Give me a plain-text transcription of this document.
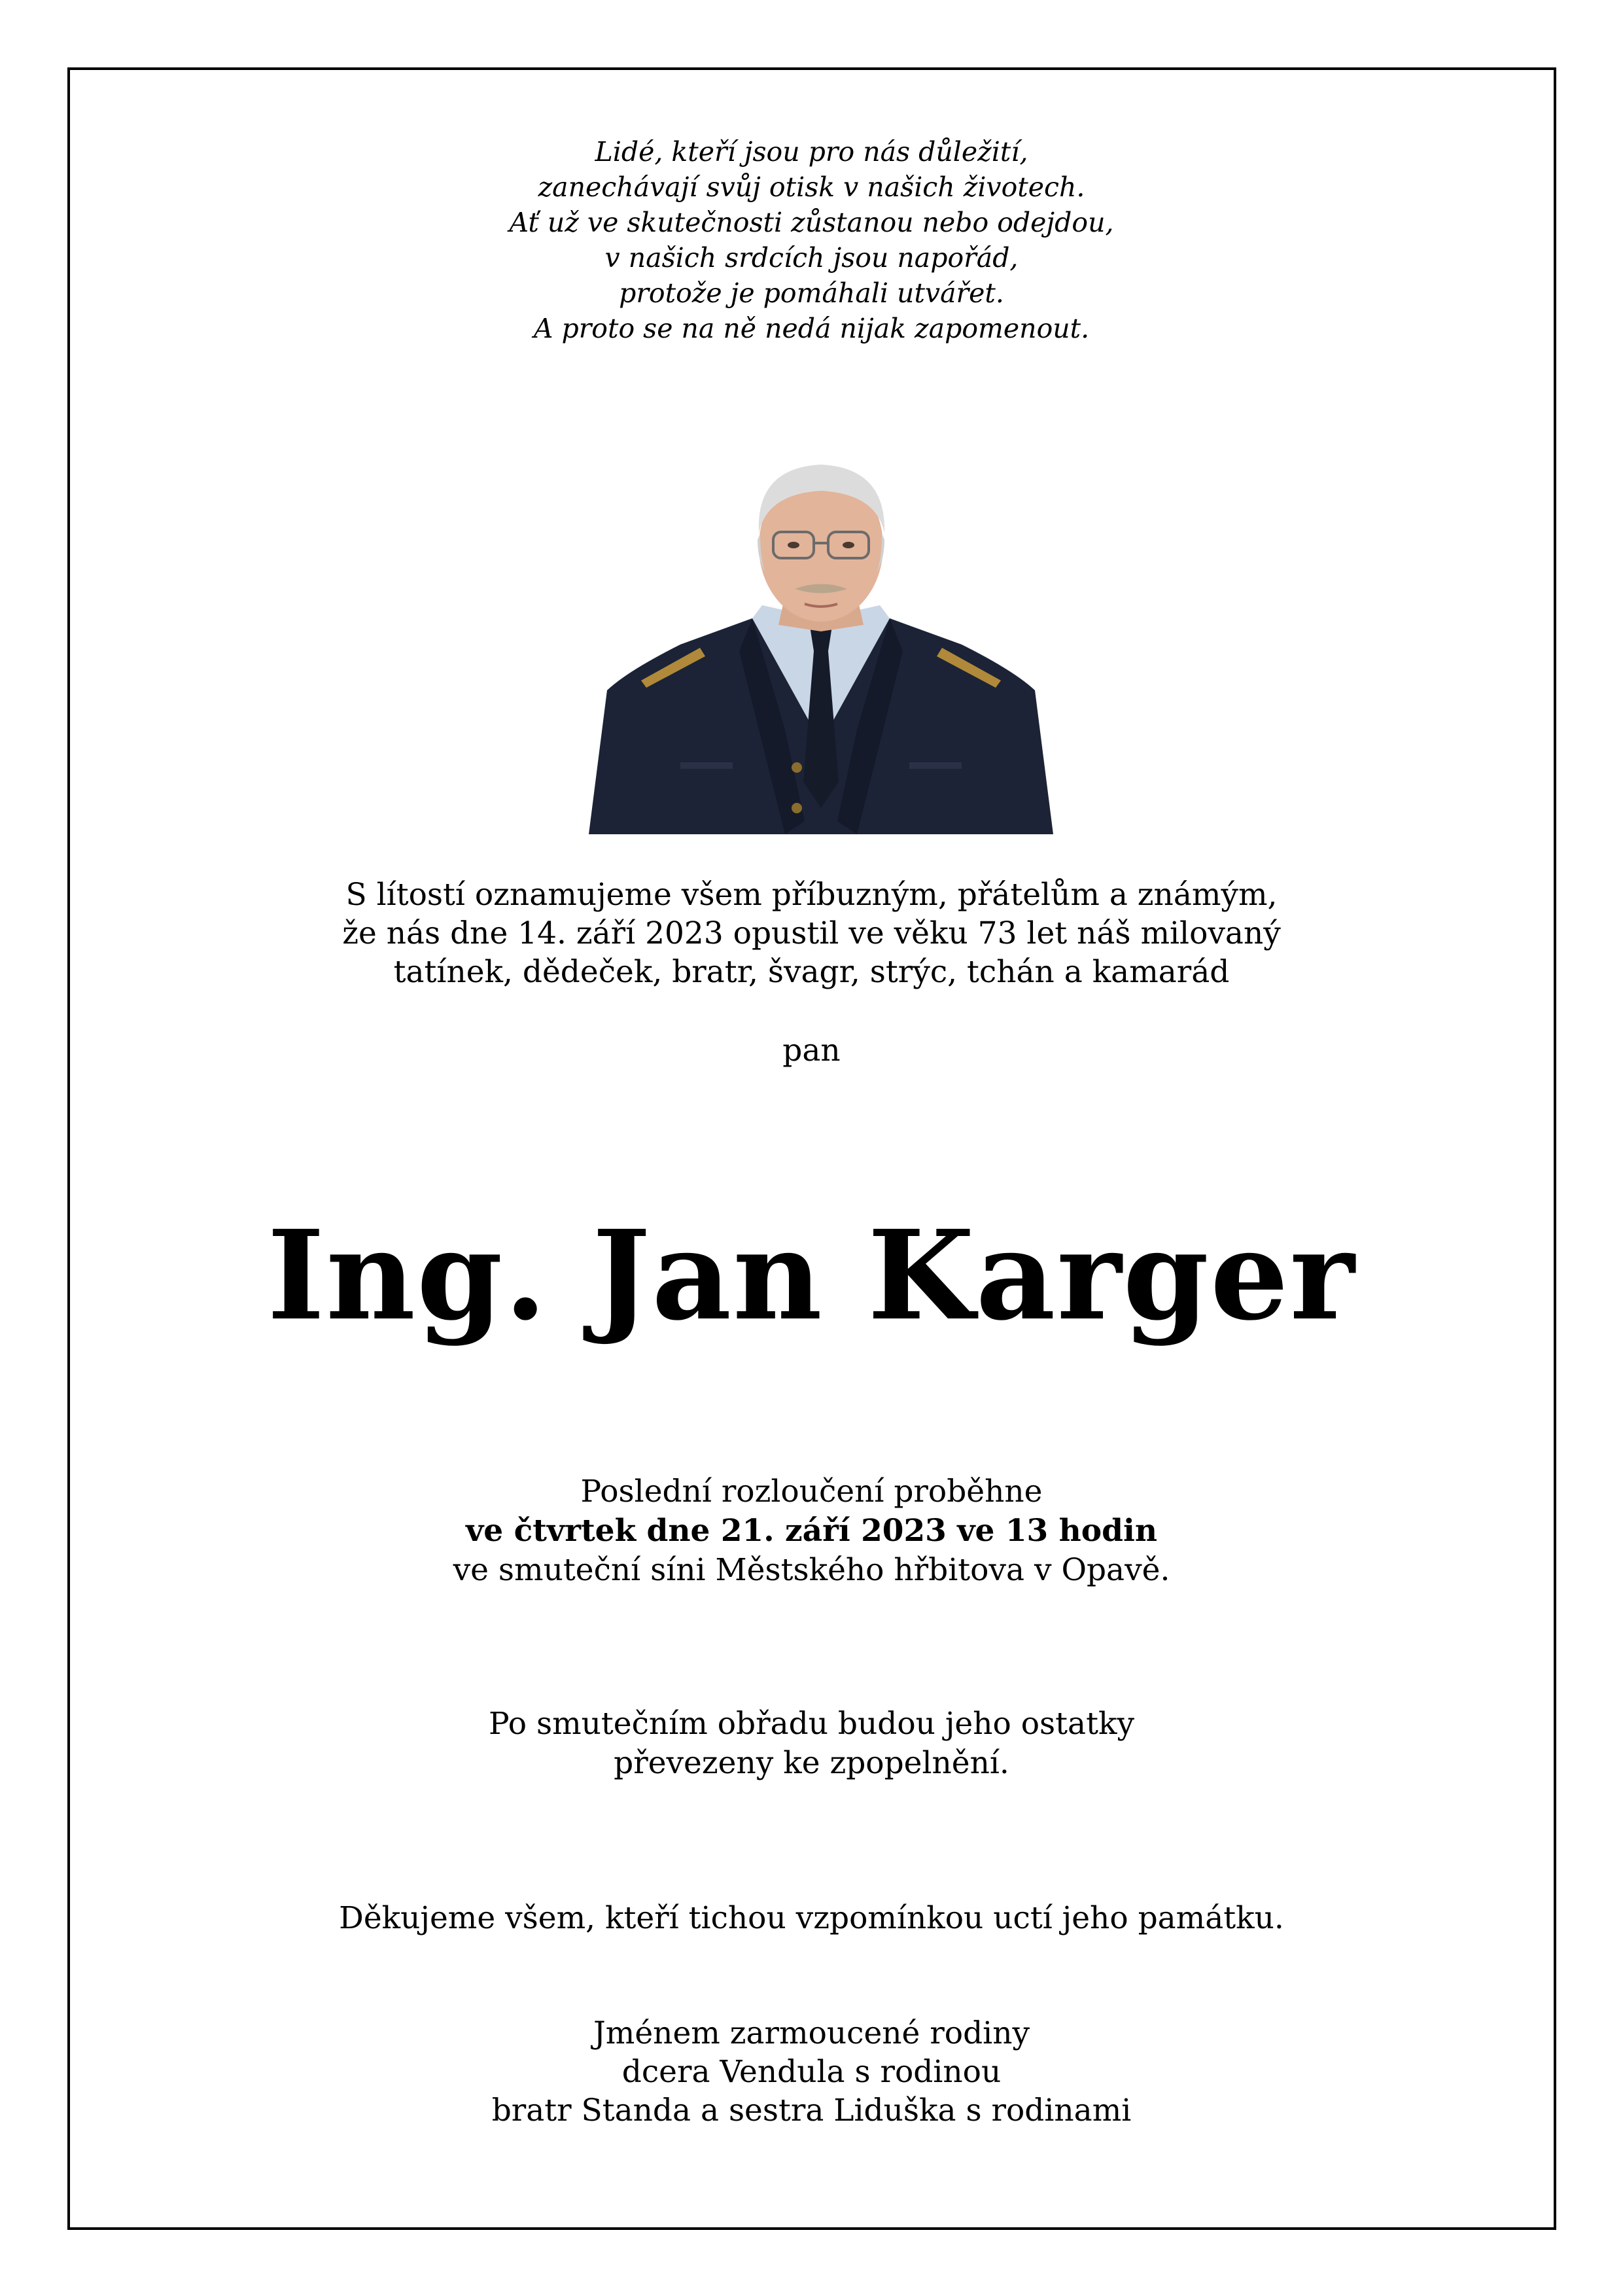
Lidé, kteří jsou pro nás důležití,
zanechávají svůj otisk v našich životech.
Ať už ve skutečnosti zůstanou nebo odejdou,
v našich srdcích jsou napořád,
protože je pomáhali utvářet.
A proto se na ně nedá nijak zapomenout.
S lítostí oznamujeme všem příbuzným, přátelům a známým,
že nás dne 14. září 2023 opustil ve věku 73 let náš milovaný
tatínek, dědeček, bratr, švagr, strýc, tchán a kamarád
pan
Ing. Jan Karger
Poslední rozloučení proběhne
ve čtvrtek dne 21. září 2023 ve 13 hodin
ve smuteční síni Městského hřbitova v Opavě.
Po smutečním obřadu budou jeho ostatky
převezeny ke zpopelnění.
Děkujeme všem, kteří tichou vzpomínkou uctí jeho památku.
Jménem zarmoucené rodiny
dcera Vendula s rodinou
bratr Standa a sestra Liduška s rodinami
